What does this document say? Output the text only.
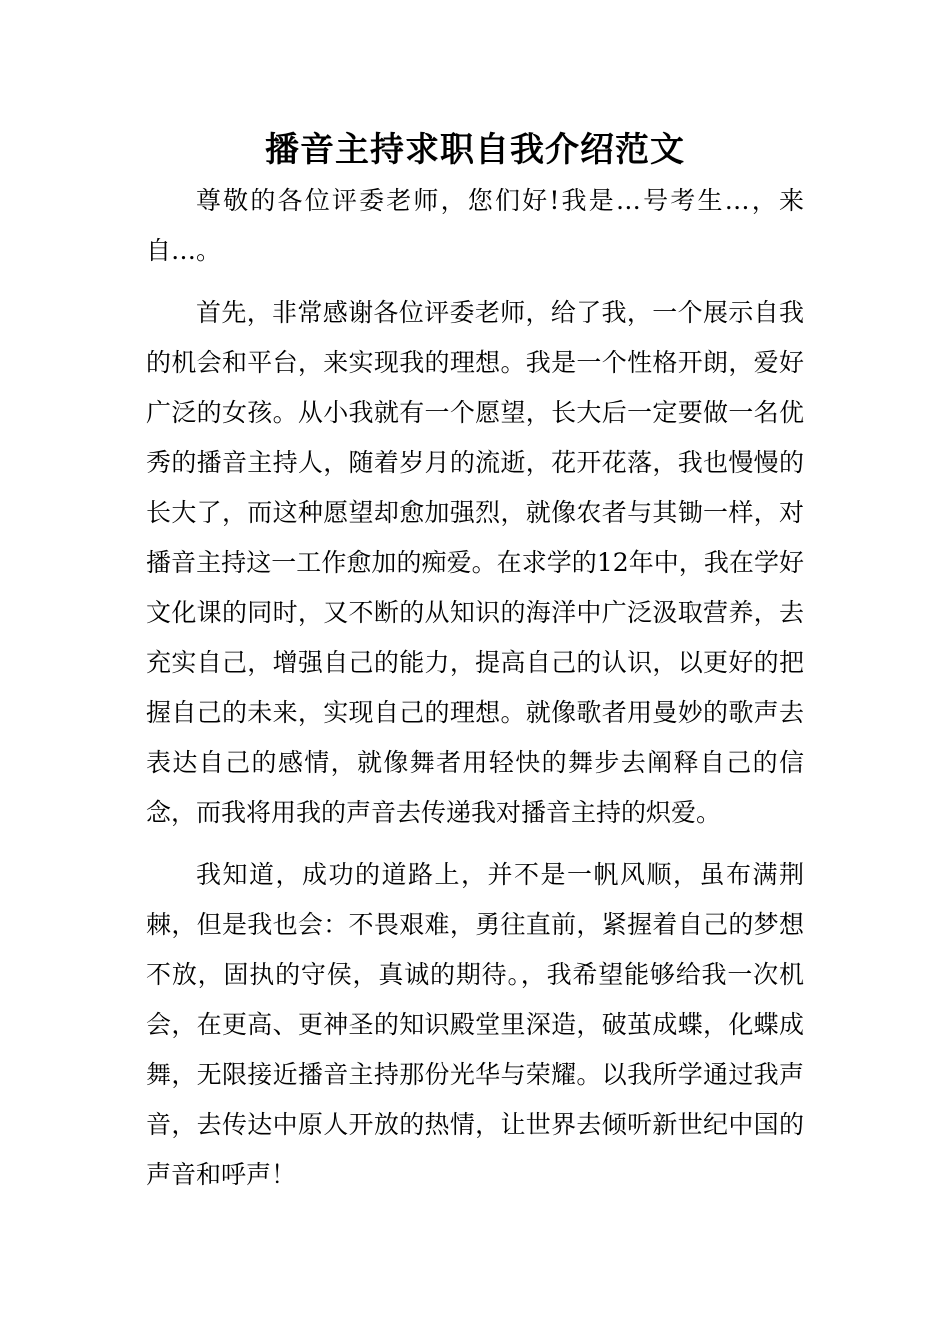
播音主持求职自我介绍范文

尊敬的各位评委老师，您们好!我是…号考生…，来自…。

首先，非常感谢各位评委老师，给了我，一个展示自我的机会和平台，来实现我的理想。我是一个性格开朗，爱好广泛的女孩。从小我就有一个愿望，长大后一定要做一名优秀的播音主持人，随着岁月的流逝，花开花落，我也慢慢的长大了，而这种愿望却愈加强烈，就像农者与其锄一样，对播音主持这一工作愈加的痴爱。在求学的12年中，我在学好文化课的同时，又不断的从知识的海洋中广泛汲取营养，去充实自己，增强自己的能力，提高自己的认识，以更好的把握自己的未来，实现自己的理想。就像歌者用曼妙的歌声去表达自己的感情，就像舞者用轻快的舞步去阐释自己的信念，而我将用我的声音去传递我对播音主持的炽爱。

我知道，成功的道路上，并不是一帆风顺，虽布满荆棘，但是我也会：不畏艰难，勇往直前，紧握着自己的梦想不放，固执的守侯，真诚的期待。，我希望能够给我一次机会，在更高、更神圣的知识殿堂里深造，破茧成蝶，化蝶成舞，无限接近播音主持那份光华与荣耀。以我所学通过我声音，去传达中原人开放的热情，让世界去倾听新世纪中国的声音和呼声！
